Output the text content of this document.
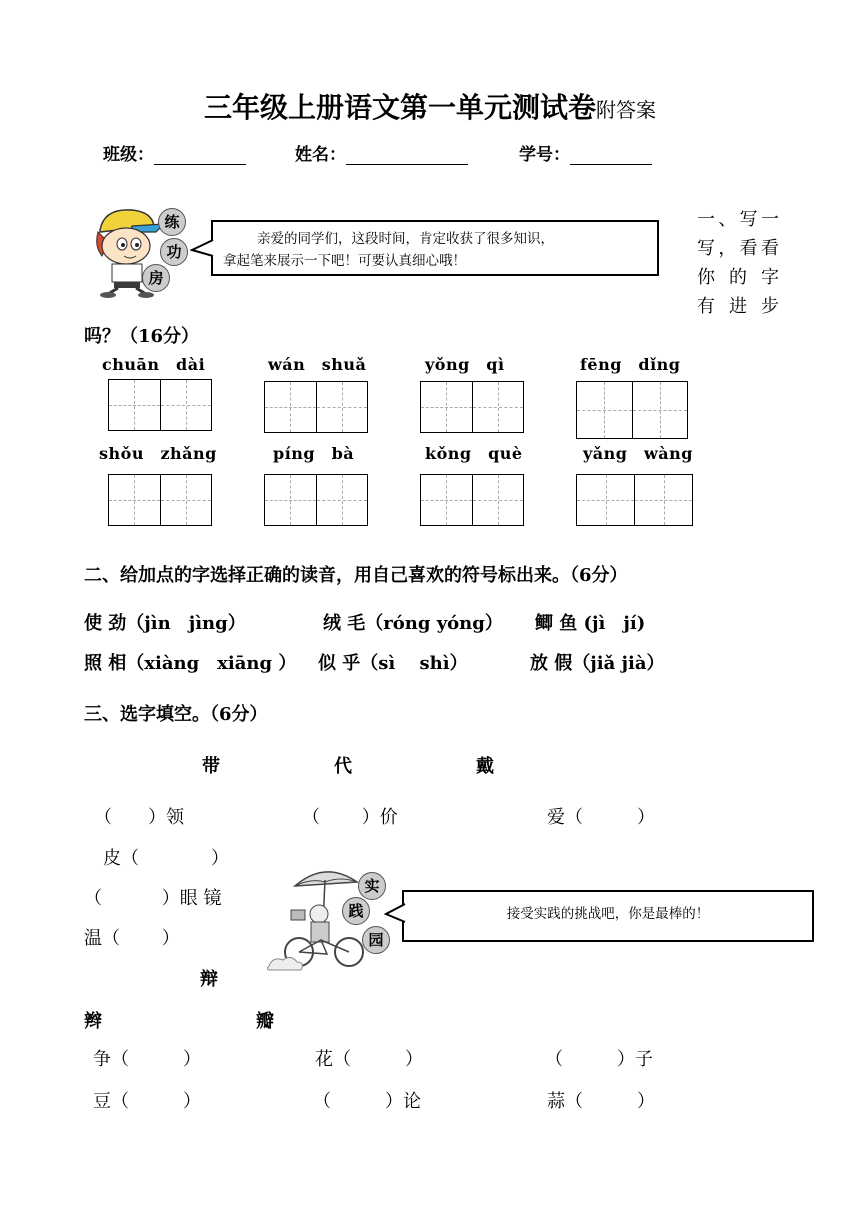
三年级上册语文第一单元测试卷附答案
班级：	姓名：	学号：
练
功
房
亲爱的同学们，这段时间，肯定收获了很多知识，
拿起笔来展示一下吧！可要认真细心哦！
一、写一
写，看看
你 的 字
有 进 步
吗？（16分）
chuān　dài	wán　shuǎ	yǒng　qì	fēng　dǐng
shǒu　zhǎng	píng　bà	kǒng　què	yǎng　wàng
二、给加点的字选择正确的读音，用自己喜欢的符号标出来。（6分）
使 劲（jìn　jìng）	绒 毛（róng yóng） 鲫 鱼 (jì　jí)
照 相（xiàng　xiāng ） 似 乎（sì　 shì）	放 假（jiǎ jià）
三、选字填空。（6分）
带	代	戴
（　　）领	（　　 ）价	爱（　　　）
皮（　　　　）
（　　　 ）眼 镜
温（　　 ）
辩
辫	瓣
争（　　　）	花（　　　）	（　　　）子
豆（　　　）	（　　　）论	蒜（　　　）
实
践
园
接受实践的挑战吧，你是最棒的！
